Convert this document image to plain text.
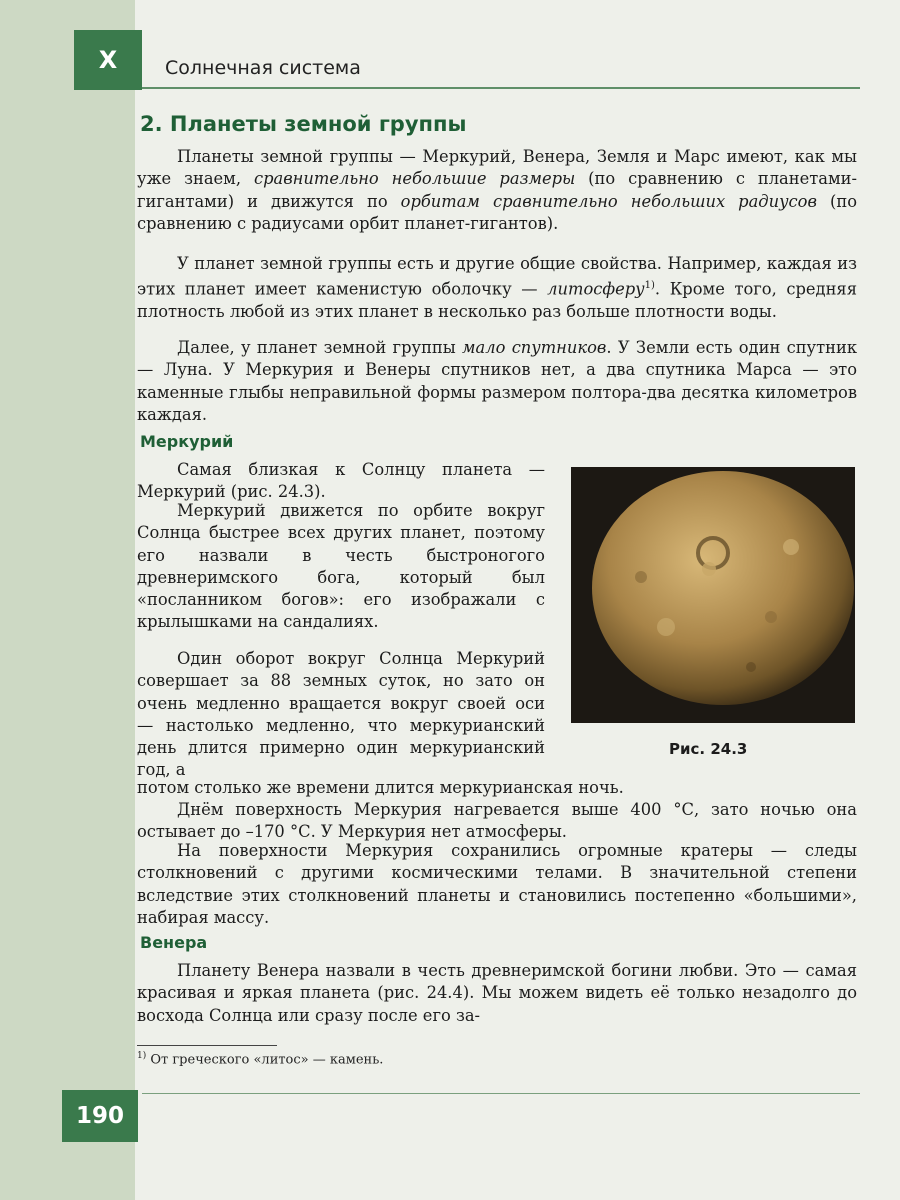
X	Солнечная система
2. Планеты земной группы

Планеты земной группы — Меркурий, Венера, Земля и Марс имеют, как мы уже знаем, сравнительно небольшие размеры (по сравнению с планетами-гигантами) и движутся по орбитам сравнительно небольших радиусов (по сравнению с радиусами орбит планет-гигантов).

У планет земной группы есть и другие общие свойства. Например, каждая из этих планет имеет каменистую оболочку — литосферу$^{1)}$. Кроме того, средняя плотность любой из этих планет в несколько раз больше плотности воды.

Далее, у планет земной группы мало спутников. У Земли есть один спутник — Луна. У Меркурия и Венеры спутников нет, а два спутника Марса — это каменные глыбы неправильной формы размером полтора-два десятка километров каждая.

Меркурий

Самая близкая к Солнцу планета — Меркурий (рис. 24.3).

Меркурий движется по орбите вокруг Солнца быстрее всех других планет, поэтому его назвали в честь быстроногого древнеримского бога, который был «посланником богов»: его изображали с крылышками на сандалиях.

Один оборот вокруг Солнца Меркурий совершает за 88 земных суток, но зато он очень медленно вращается вокруг своей оси — настолько медленно, что меркурианский день длится примерно один меркурианский год, а

потом столько же времени длится меркурианская ночь.

Днём поверхность Меркурия нагревается выше 400 °С, зато ночью она остывает до –170 °С. У Меркурия нет атмосферы.

На поверхности Меркурия сохранились огромные кратеры — следы столкновений с другими космическими телами. В значительной степени вследствие этих столкновений планеты и становились постепенно «большими», набирая массу.

Рис. 24.3
Венера

Планету Венера назвали в честь древнеримской богини любви. Это — самая красивая и яркая планета (рис. 24.4). Мы можем видеть её только незадолго до восхода Солнца или сразу после его за-

$^{1)}$ От греческого «литос» — камень.
190
